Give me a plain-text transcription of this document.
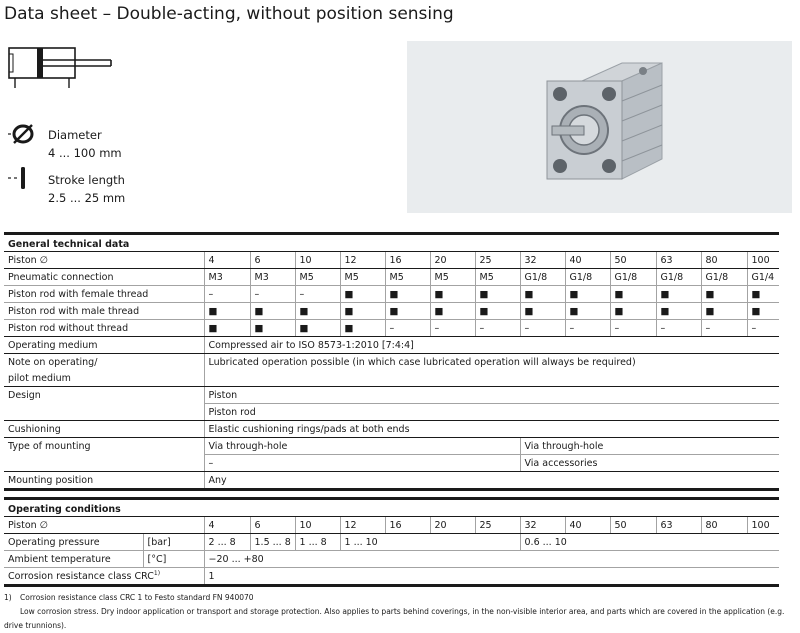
Data sheet – Double-acting, without position sensing
Diameter
4 ... 100 mm
Stroke length
2.5 ... 25 mm
General technical data													
Piston ∅	4	6	10	12	16	20	25	32	40	50	63	80	100
Pneumatic connection	M3	M3	M5	M5	M5	M5	M5	G1/8	G1/8	G1/8	G1/8	G1/8	G1/4
Piston rod with female thread	–	–	–	■	■	■	■	■	■	■	■	■	■
Piston rod with male thread	■	■	■	■	■	■	■	■	■	■	■	■	■
Piston rod without thread	■	■	■	■	–	–	–	–	–	–	–	–	–
Operating medium	Compressed air to ISO 8573-1:2010 [7:4:4]												
Note on operating/	Lubricated operation possible (in which case lubricated operation will always be required)												
pilot medium													
Design	Piston												
	Piston rod												
Cushioning	Elastic cushioning rings/pads at both ends												
Type of mounting	Via through-hole							Via through-hole					
	–							Via accessories					
Mounting position	Any												
Operating conditions														
Piston ∅		4	6	10	12	16	20	25	32	40	50	63	80	100
Operating pressure	[bar]	2 ... 8	1.5 ... 8	1 ... 8	1 ... 10				0.6 ... 10					
Ambient temperature	[°C]	−20 ... +80												
Corrosion resistance class CRC$^{1)}$		1												
1) Corrosion resistance class CRC 1 to Festo standard FN 940070
Low corrosion stress. Dry indoor application or transport and storage protection. Also applies to parts behind coverings, in the non-visible interior area, and parts which are covered in the application (e.g. drive trunnions).
